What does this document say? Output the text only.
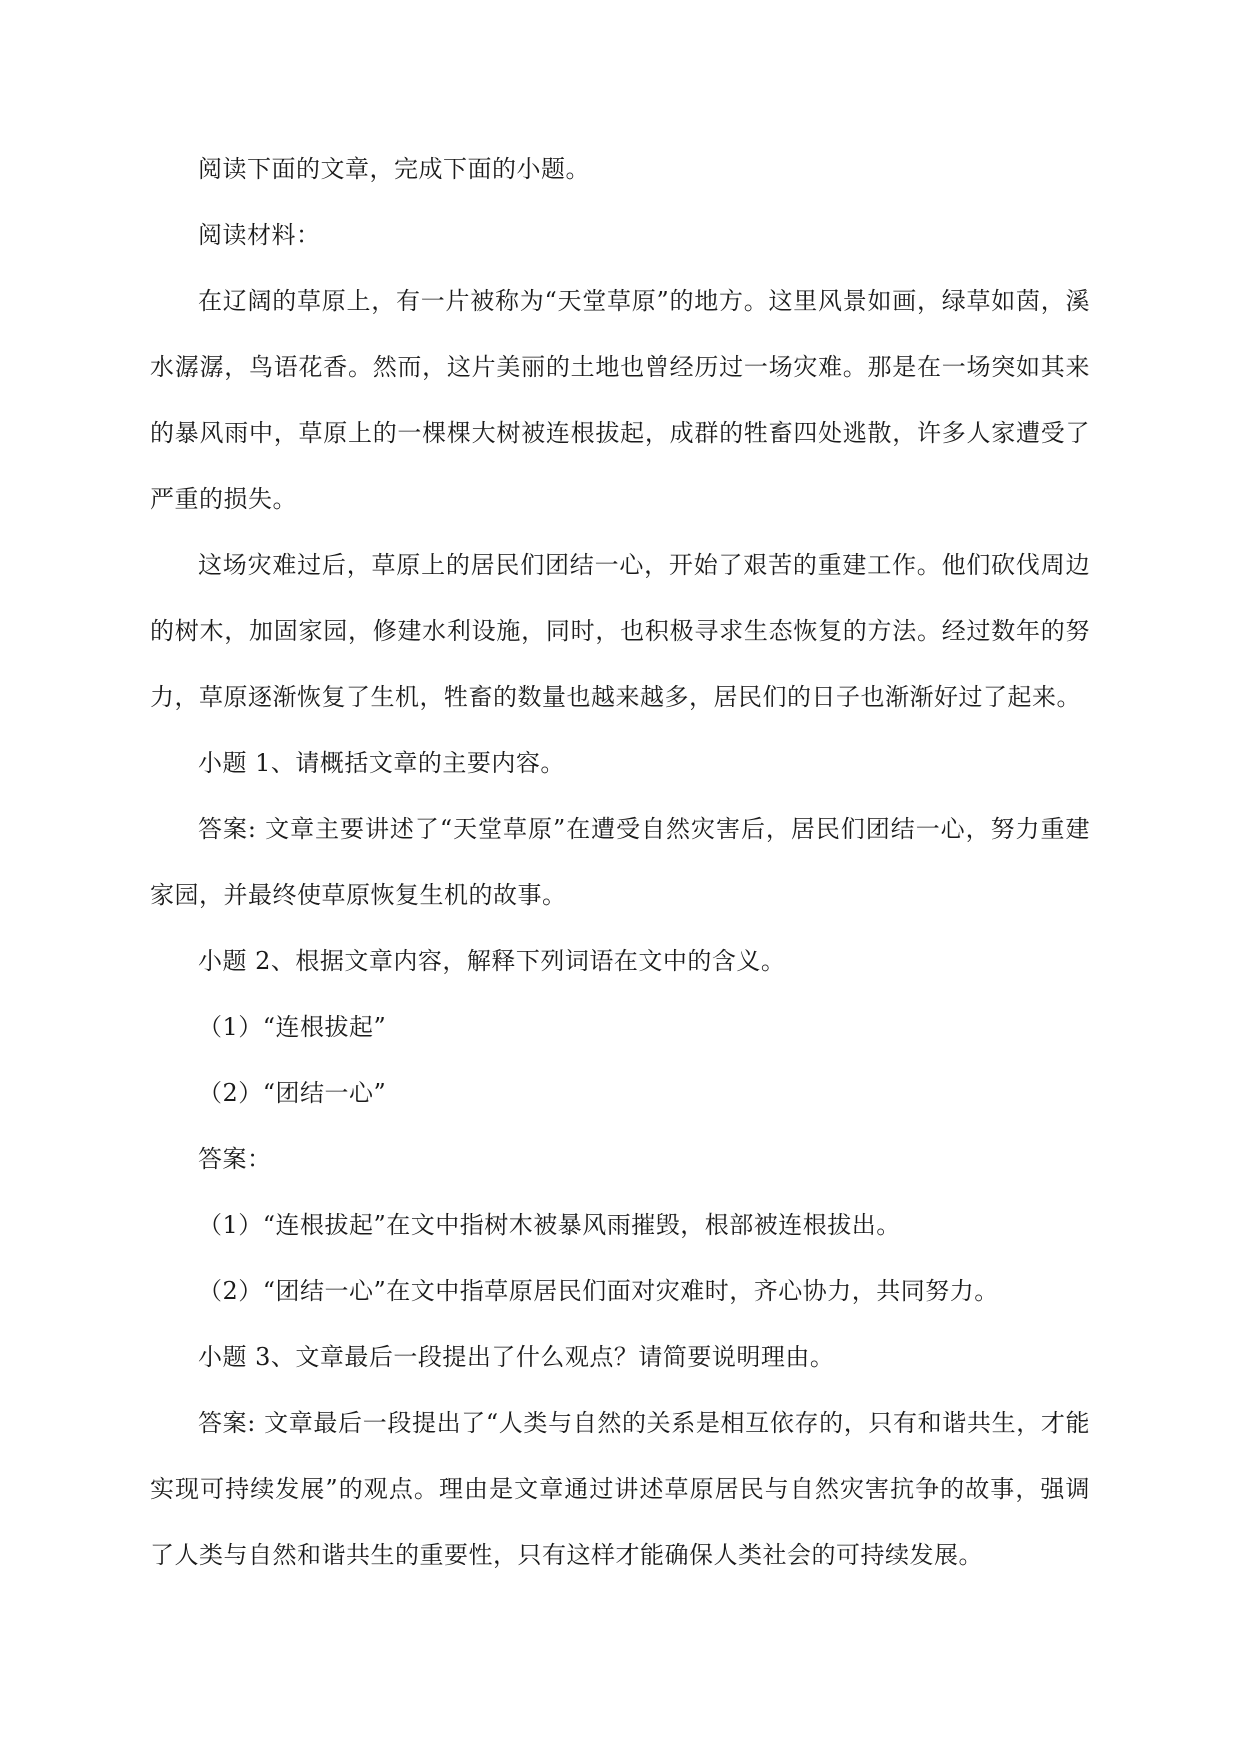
阅读下面的文章，完成下面的小题。

阅读材料：

在辽阔的草原上，有一片被称为“天堂草原”的地方。这里风景如画，绿草如茵，溪水潺潺，鸟语花香。然而，这片美丽的土地也曾经历过一场灾难。那是在一场突如其来的暴风雨中，草原上的一棵棵大树被连根拔起，成群的牲畜四处逃散，许多人家遭受了严重的损失。

这场灾难过后，草原上的居民们团结一心，开始了艰苦的重建工作。他们砍伐周边的树木，加固家园，修建水利设施，同时，也积极寻求生态恢复的方法。经过数年的努力，草原逐渐恢复了生机，牲畜的数量也越来越多，居民们的日子也渐渐好过了起来。

小题 1、请概括文章的主要内容。

答案: 文章主要讲述了“天堂草原”在遭受自然灾害后，居民们团结一心，努力重建家园，并最终使草原恢复生机的故事。

小题 2、根据文章内容，解释下列词语在文中的含义。

（1）“连根拔起”

（2）“团结一心”

答案：

（1）“连根拔起”在文中指树木被暴风雨摧毁，根部被连根拔出。

（2）“团结一心”在文中指草原居民们面对灾难时，齐心协力，共同努力。

小题 3、文章最后一段提出了什么观点？请简要说明理由。

答案: 文章最后一段提出了“人类与自然的关系是相互依存的，只有和谐共生，才能实现可持续发展”的观点。理由是文章通过讲述草原居民与自然灾害抗争的故事，强调了人类与自然和谐共生的重要性，只有这样才能确保人类社会的可持续发展。
